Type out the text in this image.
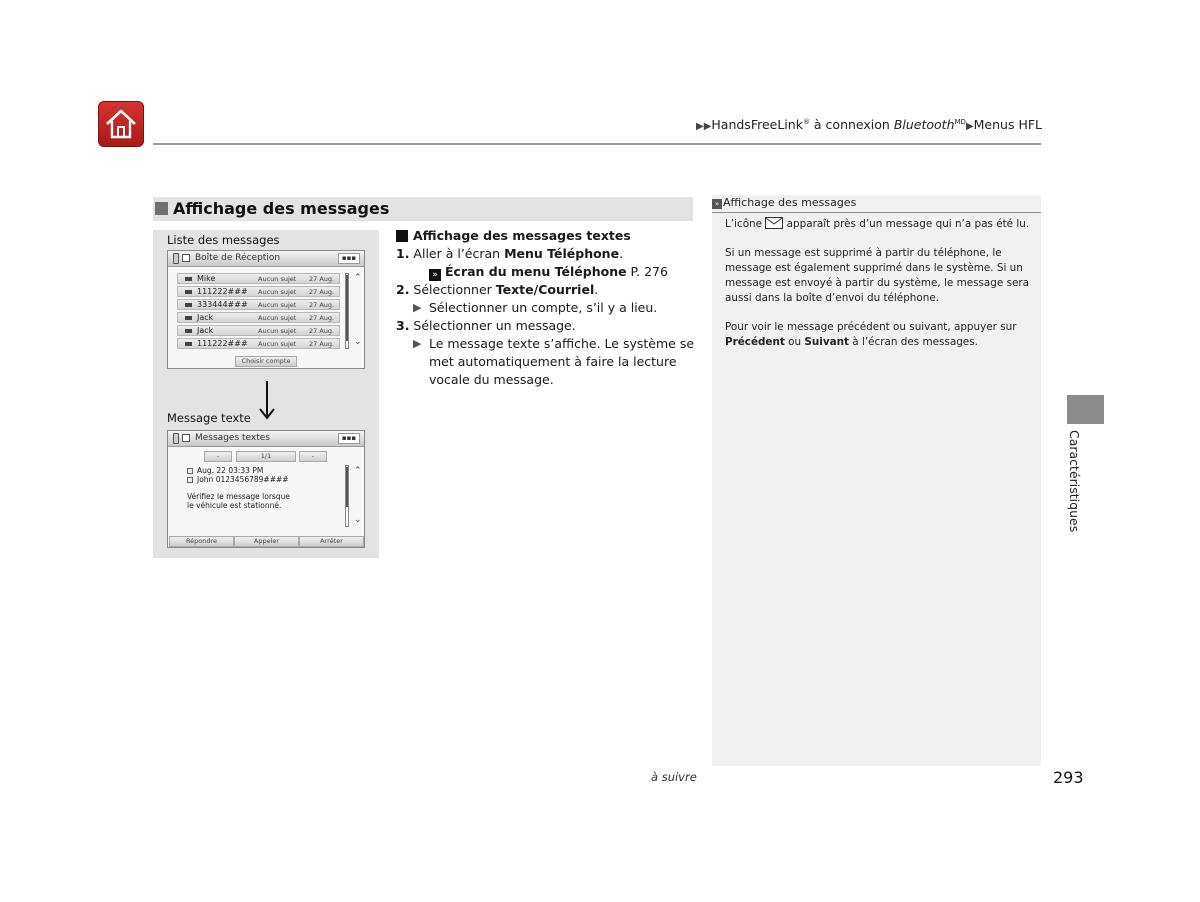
▶▶HandsFreeLink® à connexion Bluetooth$^{MD}$▶Menus HFL
Affichage des messages
Liste des messages
Boîte de Réception	▪▪▪
Mike	Aucun sujet 27 Aug.
111222### Aucun sujet 27 Aug.
333444### Aucun sujet 27 Aug.
Jack	Aucun sujet 27 Aug.
Jack	Aucun sujet 27 Aug.
111222### Aucun sujet 27 Aug.
⌃
⌄
Choisir compte
Message texte
Messages textes	▪▪▪
-	1/1	-
Aug. 22 03:33 PM
John 0123456789####
Vérifiez le message lorsque
le véhicule est stationné.
⌃
⌄
Répondre	Appeler	Arrêter
Affichage des messages textes
1. Aller à l’écran Menu Téléphone.
» Écran du menu Téléphone P. 276
2. Sélectionner Texte/Courriel.
▶ Sélectionner un compte, s’il y a lieu.
3. Sélectionner un message.
▶ Le message texte s’affiche. Le système se met automatiquement à faire la lecture vocale du message.
» Affichage des messages

L’icône
apparaît près d’un message qui n’a pas été lu.

Si un message est supprimé à partir du téléphone, le message est également supprimé dans le système. Si un message est envoyé à partir du système, le message sera aussi dans la boîte d’envoi du téléphone.

Pour voir le message précédent ou suivant, appuyer sur Précédent ou Suivant à l’écran des messages.

à suivre	293
Caractéristiques
